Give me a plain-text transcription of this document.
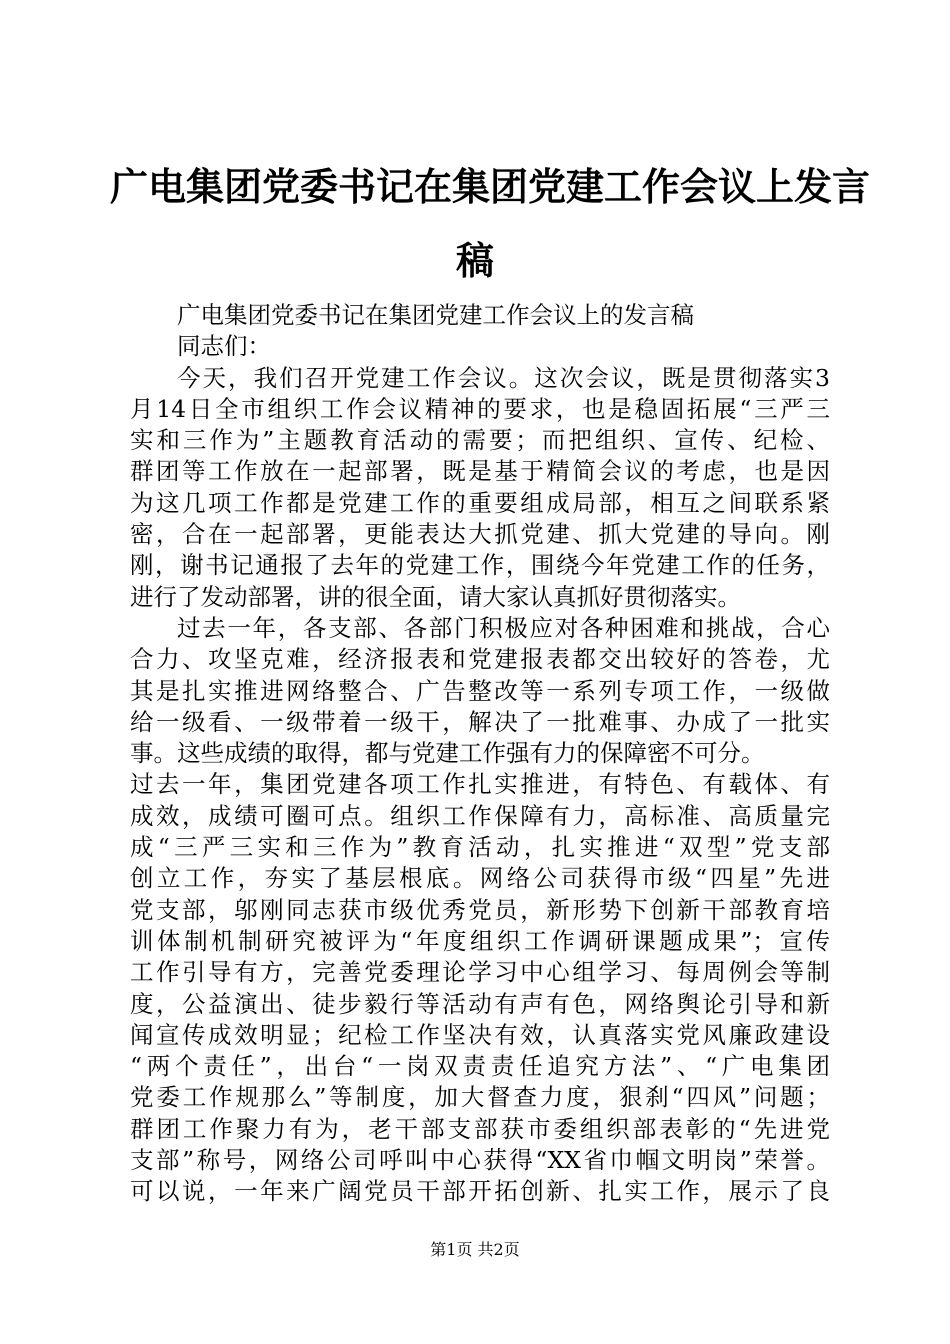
广电集团党委书记在集团党建工作会议上发言
稿
广电集团党委书记在集团党建工作会议上的发言稿
同志们：
今天，我们召开党建工作会议。这次会议，既是贯彻落实3
月14日全市组织工作会议精神的要求，也是稳固拓展“三严三
实和三作为”主题教育活动的需要；而把组织、宣传、纪检、
群团等工作放在一起部署，既是基于精简会议的考虑，也是因
为这几项工作都是党建工作的重要组成局部，相互之间联系紧
密，合在一起部署，更能表达大抓党建、抓大党建的导向。刚
刚，谢书记通报了去年的党建工作，围绕今年党建工作的任务，
进行了发动部署，讲的很全面，请大家认真抓好贯彻落实。
过去一年，各支部、各部门积极应对各种困难和挑战，合心
合力、攻坚克难，经济报表和党建报表都交出较好的答卷，尤
其是扎实推进网络整合、广告整改等一系列专项工作，一级做
给一级看、一级带着一级干，解决了一批难事、办成了一批实
事。这些成绩的取得，都与党建工作强有力的保障密不可分。
过去一年，集团党建各项工作扎实推进，有特色、有载体、有
成效，成绩可圈可点。组织工作保障有力，高标准、高质量完
成“三严三实和三作为”教育活动，扎实推进“双型”党支部
创立工作，夯实了基层根底。网络公司获得市级“四星”先进
党支部，邬刚同志获市级优秀党员，新形势下创新干部教育培
训体制机制研究被评为“年度组织工作调研课题成果”；宣传
工作引导有方，完善党委理论学习中心组学习、每周例会等制
度，公益演出、徒步毅行等活动有声有色，网络舆论引导和新
闻宣传成效明显；纪检工作坚决有效，认真落实党风廉政建设
“两个责任”，出台“一岗双责责任追究方法”、“广电集团
党委工作规那么”等制度，加大督查力度，狠刹“四风”问题；
群团工作聚力有为，老干部支部获市委组织部表彰的“先进党
支部”称号，网络公司呼叫中心获得“XX省巾帼文明岗”荣誉。
可以说，一年来广阔党员干部开拓创新、扎实工作，展示了良
第1页 共2页
